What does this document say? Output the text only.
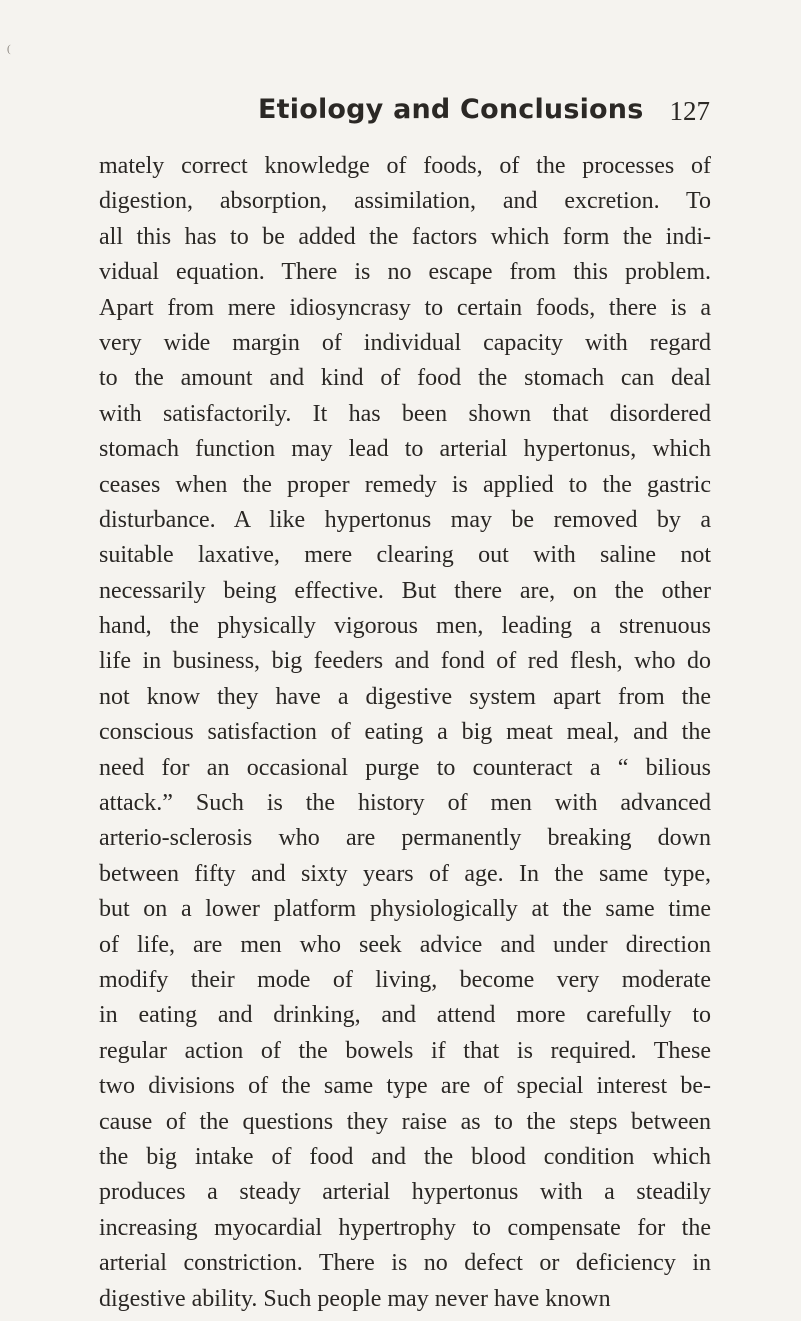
(
Etiology and Conclusions 127
mately correct knowledge of foods, of the processes of
digestion, absorption, assimilation, and excretion. To
all this has to be added the factors which form the indi-
vidual equation. There is no escape from this problem.
Apart from mere idiosyncrasy to certain foods, there is a
very wide margin of individual capacity with regard
to the amount and kind of food the stomach can deal
with satisfactorily. It has been shown that disordered
stomach function may lead to arterial hypertonus, which
ceases when the proper remedy is applied to the gastric
disturbance. A like hypertonus may be removed by a
suitable laxative, mere clearing out with saline not
necessarily being effective. But there are, on the other
hand, the physically vigorous men, leading a strenuous
life in business, big feeders and fond of red flesh, who do
not know they have a digestive system apart from the
conscious satisfaction of eating a big meat meal, and the
need for an occasional purge to counteract a “ bilious
attack.” Such is the history of men with advanced
arterio-sclerosis who are permanently breaking down
between fifty and sixty years of age. In the same type,
but on a lower platform physiologically at the same time
of life, are men who seek advice and under direction
modify their mode of living, become very moderate
in eating and drinking, and attend more carefully to
regular action of the bowels if that is required. These
two divisions of the same type are of special interest be-
cause of the questions they raise as to the steps between
the big intake of food and the blood condition which
produces a steady arterial hypertonus with a steadily
increasing myocardial hypertrophy to compensate for the
arterial constriction. There is no defect or deficiency in
digestive ability. Such people may never have known
